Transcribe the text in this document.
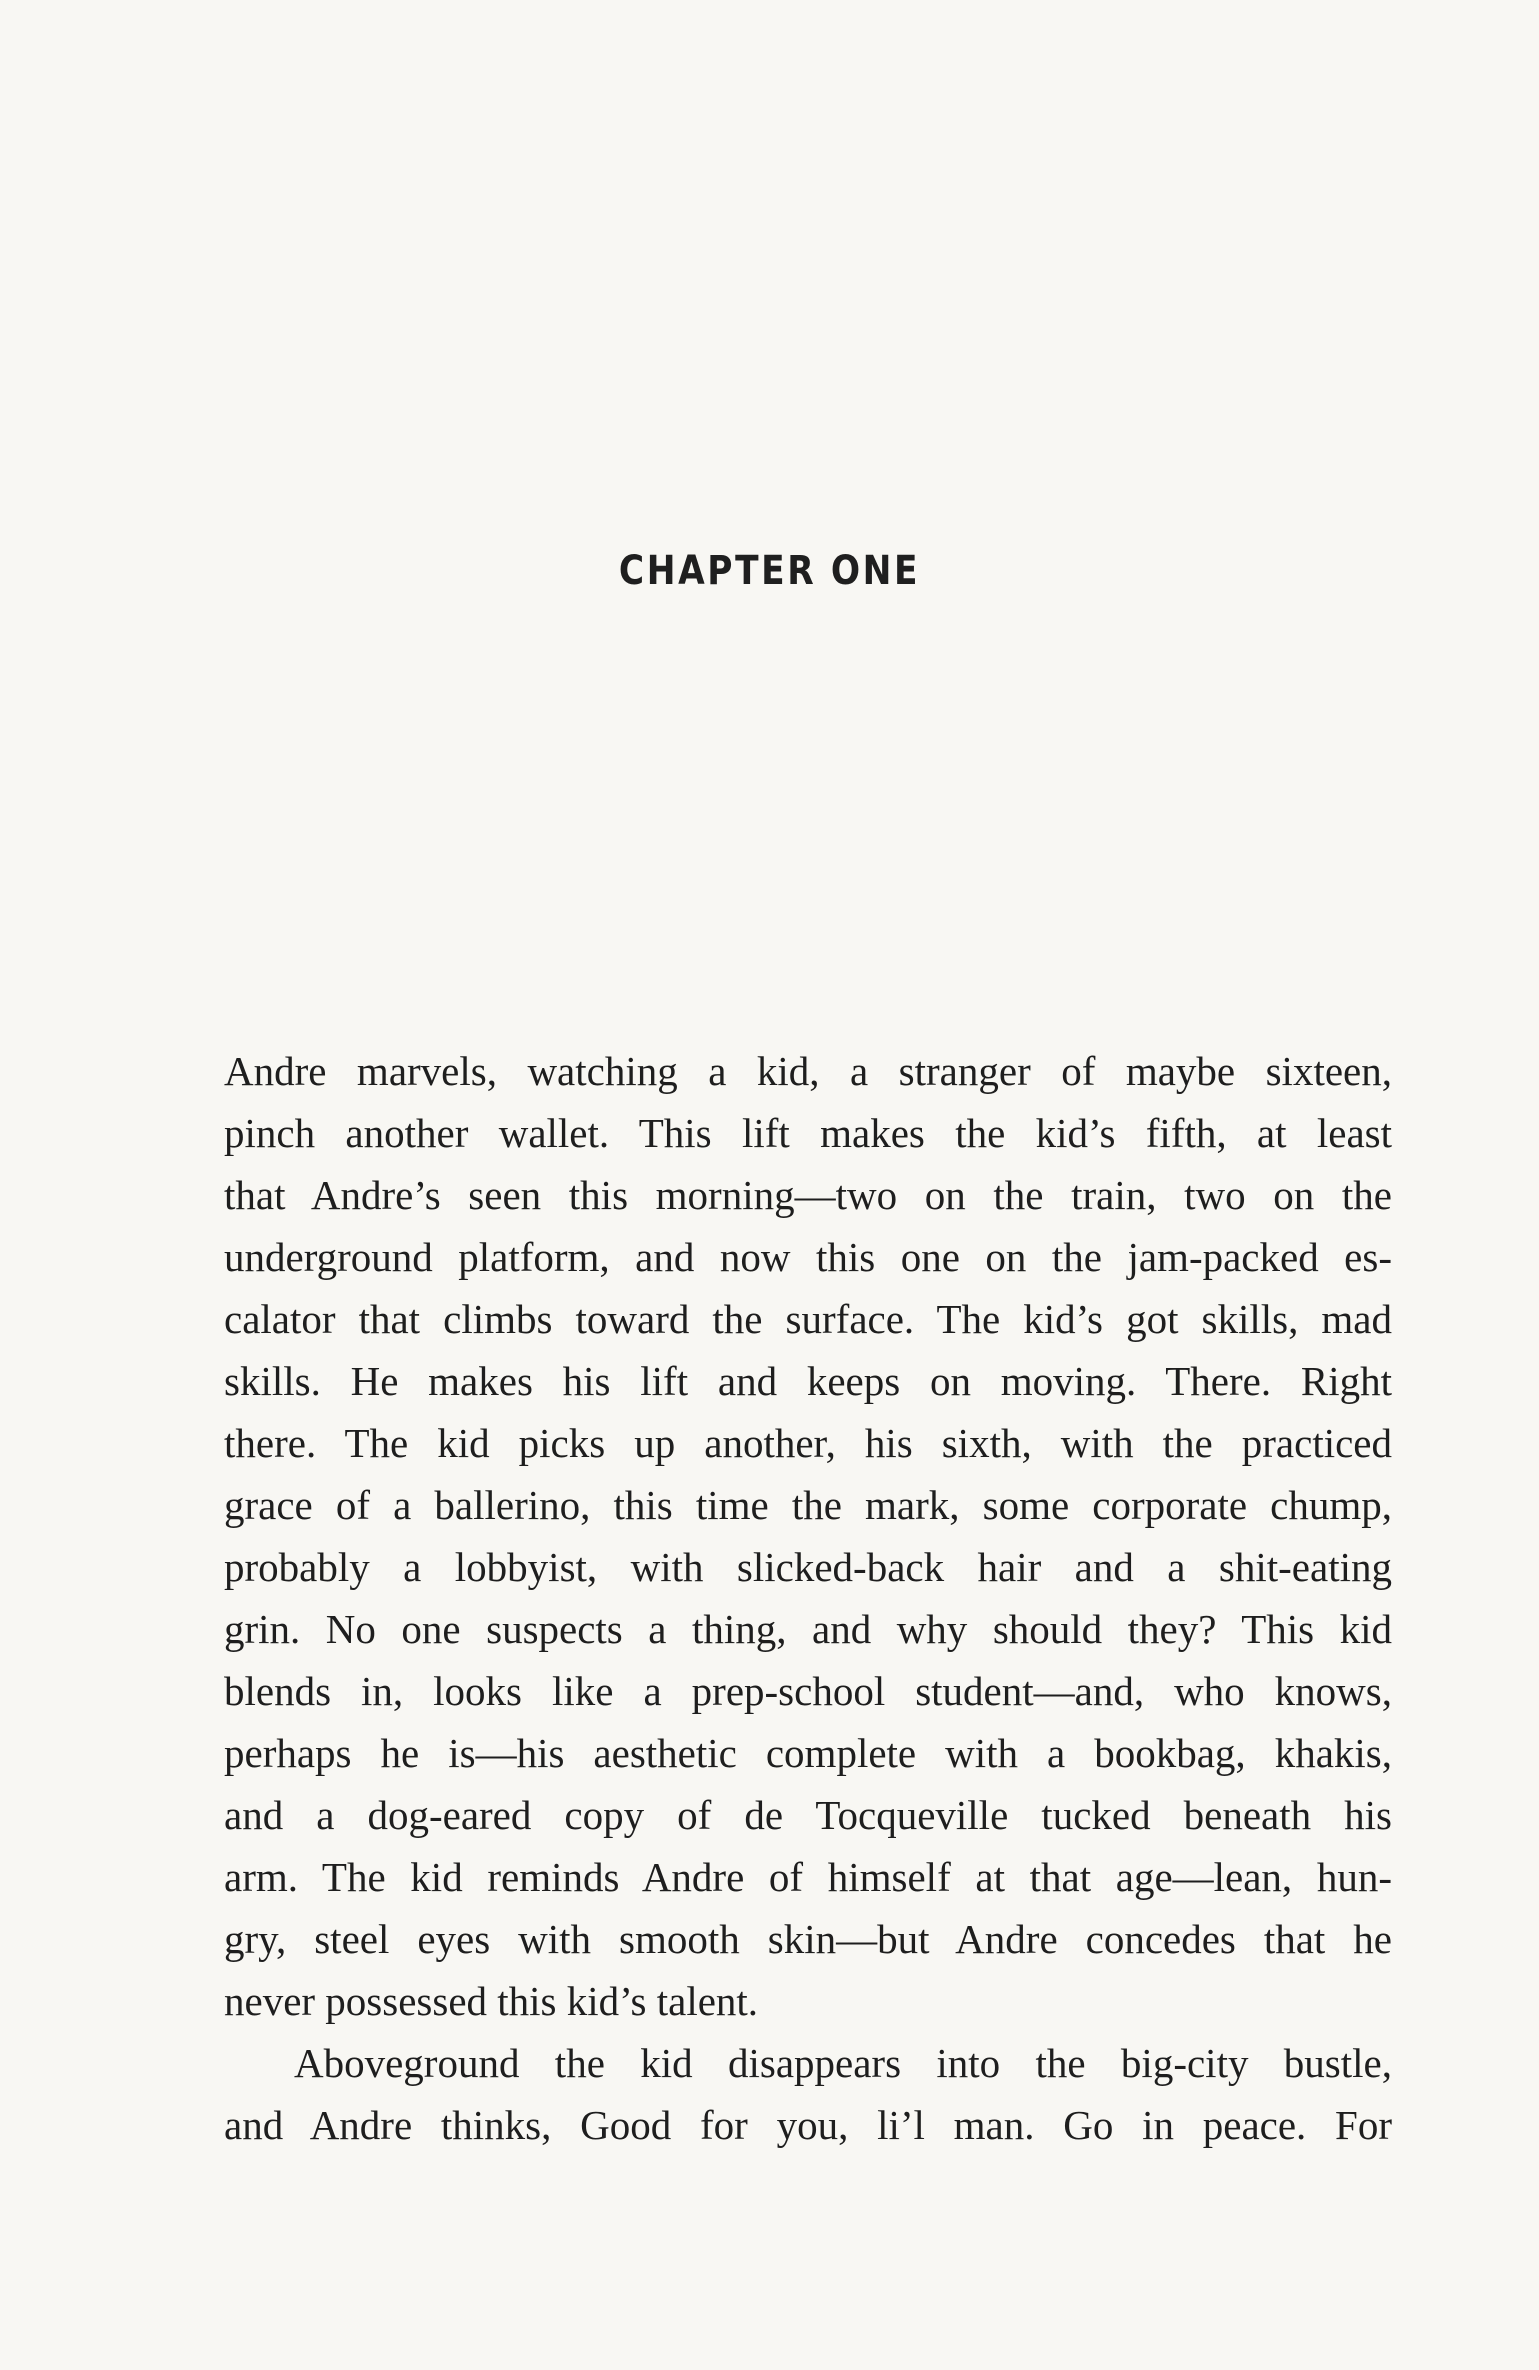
CHAPTER ONE
Andre marvels, watching a kid, a stranger of maybe sixteen,
pinch another wallet. This lift makes the kid’s fifth, at least
that Andre’s seen this morning—two on the train, two on the
underground platform, and now this one on the jam-packed es-
calator that climbs toward the surface. The kid’s got skills, mad
skills. He makes his lift and keeps on moving. There. Right
there. The kid picks up another, his sixth, with the practiced
grace of a ballerino, this time the mark, some corporate chump,
probably a lobbyist, with slicked-back hair and a shit-eating
grin. No one suspects a thing, and why should they? This kid
blends in, looks like a prep-school student—and, who knows,
perhaps he is—his aesthetic complete with a bookbag, khakis,
and a dog-eared copy of de Tocqueville tucked beneath his
arm. The kid reminds Andre of himself at that age—lean, hun-
gry, steel eyes with smooth skin—but Andre concedes that he
never possessed this kid’s talent.
Aboveground the kid disappears into the big-city bustle,
and Andre thinks, Good for you, li’l man. Go in peace. For
